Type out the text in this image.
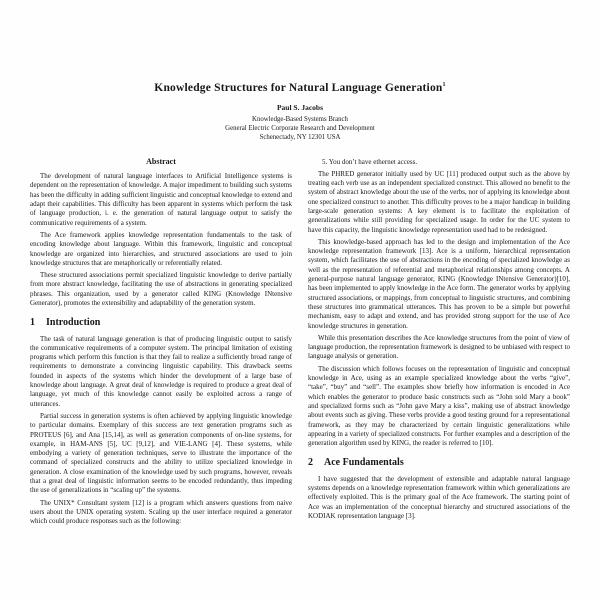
Knowledge Structures for Natural Language Generation$^1$
Paul S. Jacobs
Knowledge-Based Systems Branch
General Electric Corporate Research and Development
Schenectady, NY 12301 USA
Abstract

The development of natural language interfaces to Artificial Intelligence systems is dependent on the representation of knowledge. A major impediment to building such systems has been the difficulty in adding sufficient linguistic and conceptual knowledge to extend and adapt their capabilities. This difficulty has been apparent in systems which perform the task of language production, i. e. the generation of natural language output to satisfy the communicative requirements of a system.

The Ace framework applies knowledge representation fundamentals to the task of encoding knowledge about language. Within this framework, linguistic and conceptual knowledge are organized into hierarchies, and structured associations are used to join knowledge structures that are metaphorically or referentially related.

These structured associations permit specialized linguistic knowledge to derive partially from more abstract knowledge, facilitating the use of abstractions in generating specialized phrases. This organization, used by a generator called KING (Knowledge INtensive Generator), promotes the extensibility and adaptability of the generation system.

1 Introduction

The task of natural language generation is that of producing linguistic output to satisfy the communicative requirements of a computer system. The principal limitation of existing programs which perform this function is that they fail to realize a sufficiently broad range of requirements to demonstrate a convincing linguistic capability. This drawback seems founded in aspects of the systems which hinder the development of a large base of knowledge about language. A great deal of knowledge is required to produce a great deal of language, yet much of this knowledge cannot easily be exploited across a range of utterances.

Partial success in generation systems is often achieved by applying linguistic knowledge to particular domains. Exemplary of this success are text generation programs such as PROTEUS [6], and Ana [15,14], as well as generation components of on-line systems, for example, in HAM-ANS [5], UC [9,12], and VIE-LANG [4]. These systems, while embodying a variety of generation techniques, serve to illustrate the importance of the command of specialized constructs and the ability to utilize specialized knowledge in generation. A close examination of the knowledge used by such programs, however, reveals that a great deal of linguistic information seems to be encoded redundantly, thus impeding the use of generalizations in “scaling up” the systems.

The UNIX* Consultant system [12] is a program which answers questions from naive users about the UNIX operating system. Scaling up the user interface required a generator which could produce responses such as the following:

5. You don’t have ethernet access.

The PHRED generator initially used by UC [11] produced output such as the above by treating each verb use as an independent specialized construct. This allowed no benefit to the system of abstract knowledge about the use of the verbs, nor of applying its knowledge about one specialized construct to another. This difficulty proves to be a major handicap in building large-scale generation systems: A key element is to facilitate the exploitation of generalizations while still providing for specialized usage. In order for the UC system to have this capacity, the linguistic knowledge representation used had to be redesigned.

This knowledge-based approach has led to the design and implementation of the Ace knowledge representation framework [13]. Ace is a uniform, hierarchical representation system, which facilitates the use of abstractions in the encoding of specialized knowledge as well as the representation of referential and metaphorical relationships among concepts. A general-purpose natural language generator, KING (Knowledge INtensive Generator)[10], has been implemented to apply knowledge in the Ace form. The generator works by applying structured associations, or mappings, from conceptual to linguistic structures, and combining these structures into grammatical utterances. This has proven to be a simple but powerful mechanism, easy to adapt and extend, and has provided strong support for the use of Ace knowledge structures in generation.

While this presentation describes the Ace knowledge structures from the point of view of language production, the representation framework is designed to be unbiased with respect to language analysis or generation.

The discussion which follows focuses on the representation of linguistic and conceptual knowledge in Ace, using as an example specialized knowledge about the verbs “give”, “take”, “buy” and “sell”. The examples show briefly how information is encoded in Ace which enables the generator to produce basic constructs such as “John sold Mary a book” and specialized forms such as “John gave Mary a kiss”, making use of abstract knowledge about events such as giving. These verbs provide a good testing ground for a representational framework, as they may be characterized by certain linguistic generalizations while appearing in a variety of specialized constructs. For further examples and a description of the generation algorithm used by KING, the reader is referred to [10].

2 Ace Fundamentals

I have suggested that the development of extensible and adaptable natural language systems depends on a knowledge representation framework within which generalizations are effectively exploited. This is the primary goal of the Ace framework. The starting point of Ace was an implementation of the conceptual hierarchy and structured associations of the KODIAK representation language [3].
